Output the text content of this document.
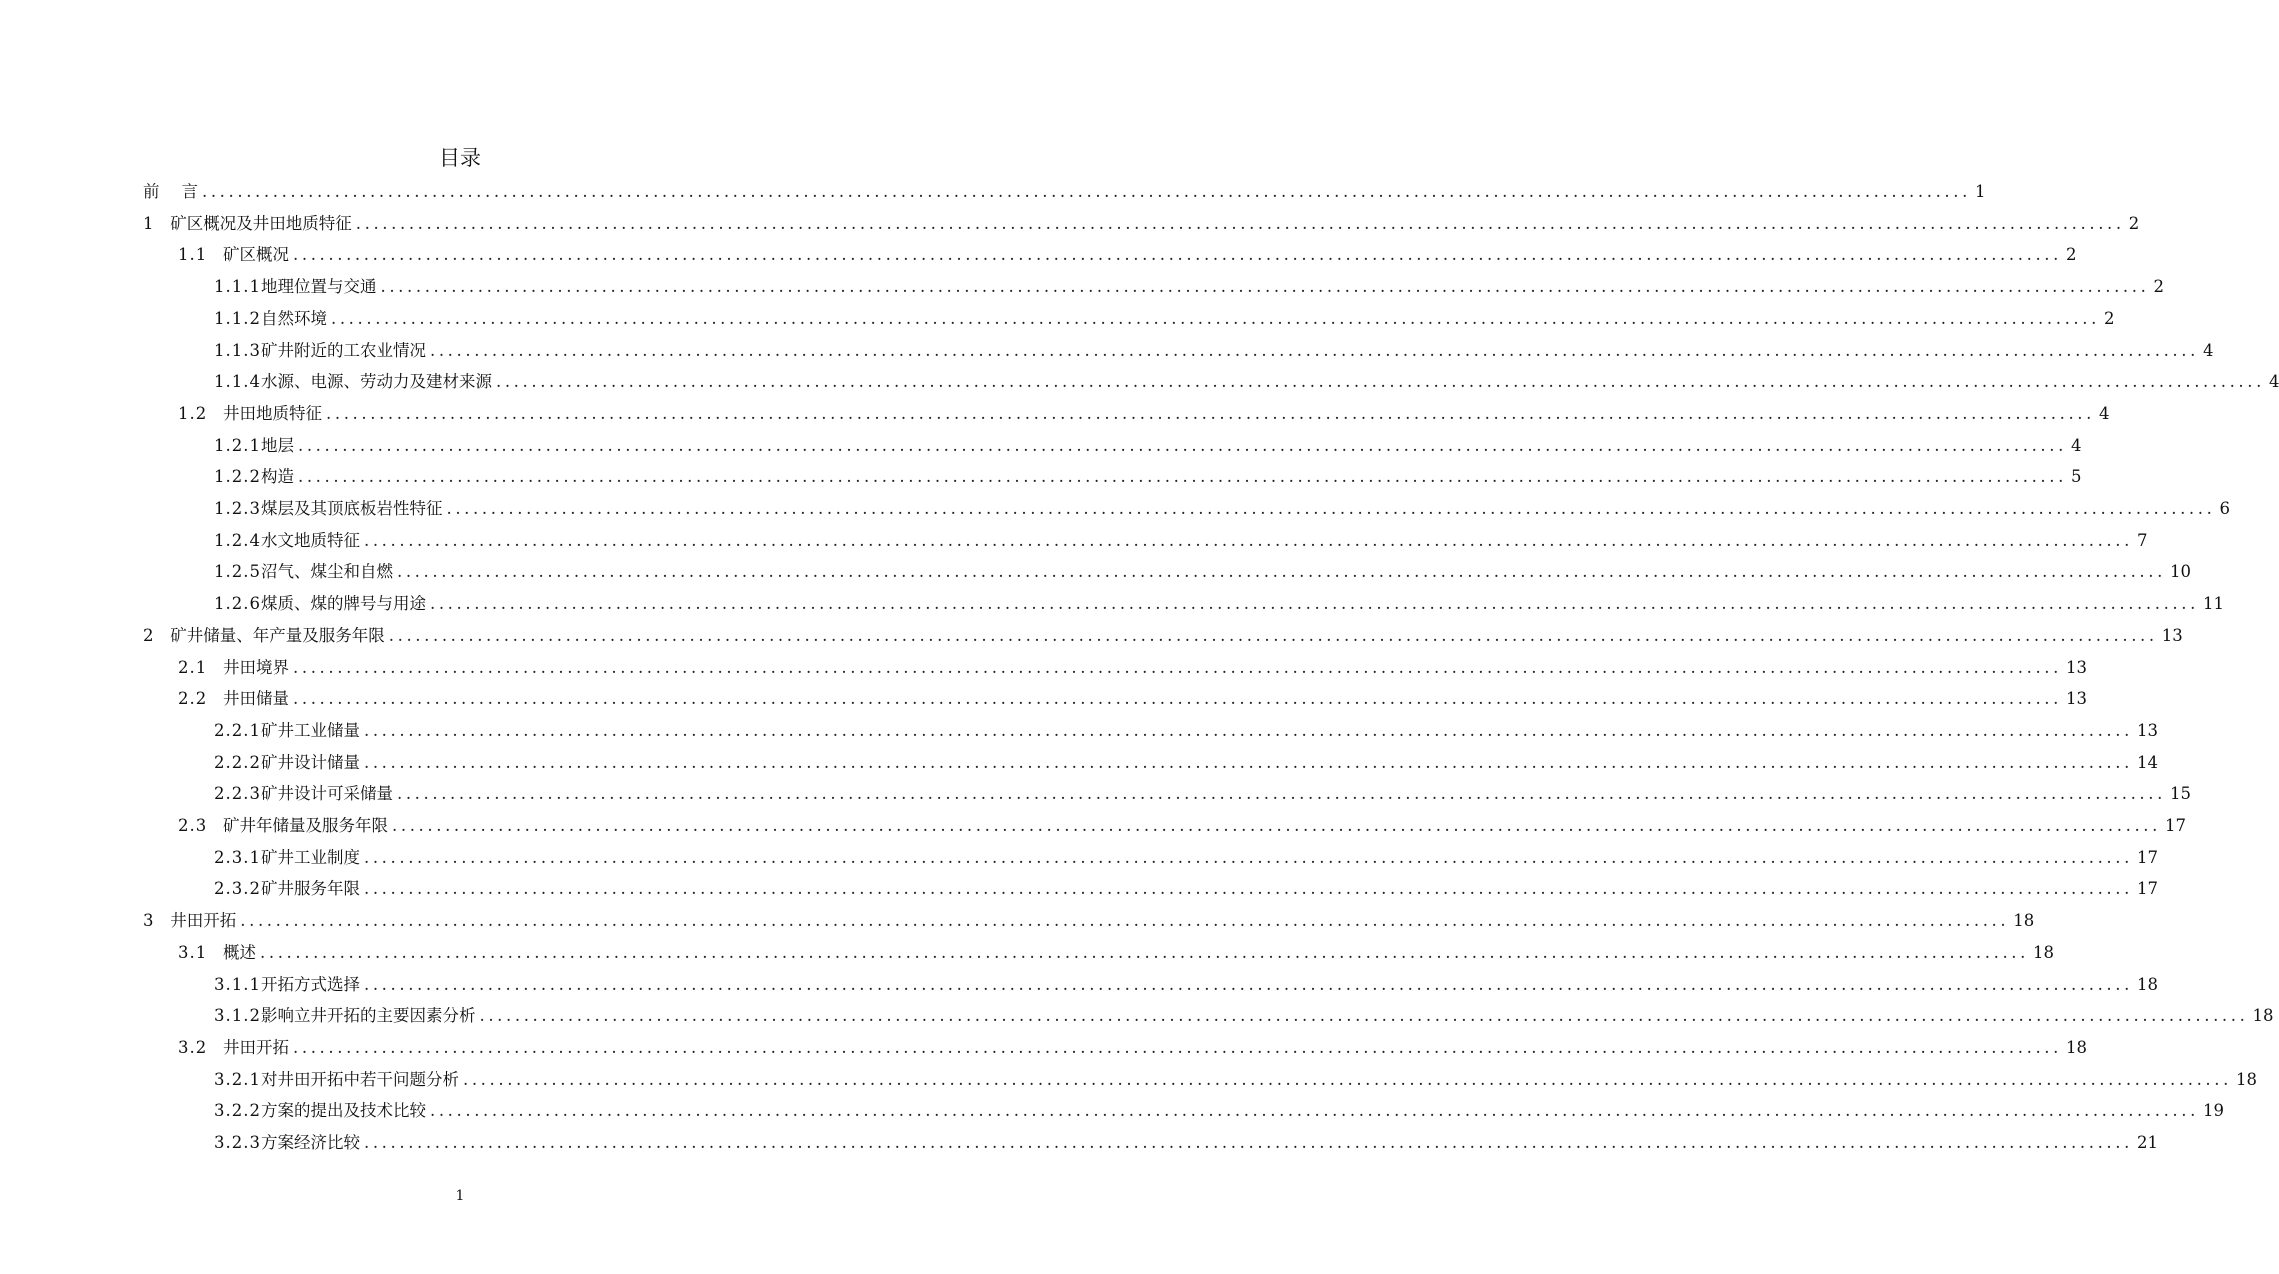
目录
前
言 ........................................................................................................................................................................................................ 1
1
矿区概况及井田地质特征 ........................................................................................................................................................................................................ 2
1.1
矿区概况 ........................................................................................................................................................................................................ 2
1.1.1 地理位置与交通 ........................................................................................................................................................................................................ 2
1.1.2 自然环境 ........................................................................................................................................................................................................ 2
1.1.3 矿井附近的工农业情况 ........................................................................................................................................................................................................ 4
1.1.4 水源、电源、劳动力及建材来源 ........................................................................................................................................................................................................ 4
1.2
井田地质特征 ........................................................................................................................................................................................................ 4
1.2.1 地层 ........................................................................................................................................................................................................ 4
1.2.2 构造 ........................................................................................................................................................................................................ 5
1.2.3 煤层及其顶底板岩性特征 ........................................................................................................................................................................................................ 6
1.2.4 水文地质特征 ........................................................................................................................................................................................................ 7
1.2.5 沼气、煤尘和自燃 ........................................................................................................................................................................................................ 10
1.2.6 煤质、煤的牌号与用途 ........................................................................................................................................................................................................ 11
2
矿井储量、年产量及服务年限 ........................................................................................................................................................................................................ 13
2.1
井田境界 ........................................................................................................................................................................................................ 13
2.2
井田储量 ........................................................................................................................................................................................................ 13
2.2.1 矿井工业储量 ........................................................................................................................................................................................................ 13
2.2.2 矿井设计储量 ........................................................................................................................................................................................................ 14
2.2.3 矿井设计可采储量 ........................................................................................................................................................................................................ 15
2.3
矿井年储量及服务年限 ........................................................................................................................................................................................................ 17
2.3.1 矿井工业制度 ........................................................................................................................................................................................................ 17
2.3.2 矿井服务年限 ........................................................................................................................................................................................................ 17
3
井田开拓 ........................................................................................................................................................................................................ 18
3.1
概述 ........................................................................................................................................................................................................ 18
3.1.1 开拓方式选择 ........................................................................................................................................................................................................ 18
3.1.2 影响立井开拓的主要因素分析 ........................................................................................................................................................................................................ 18
3.2
井田开拓 ........................................................................................................................................................................................................ 18
3.2.1 对井田开拓中若干问题分析 ........................................................................................................................................................................................................ 18
3.2.2 方案的提出及技术比较 ........................................................................................................................................................................................................ 19
3.2.3 方案经济比较 ........................................................................................................................................................................................................ 21
1
